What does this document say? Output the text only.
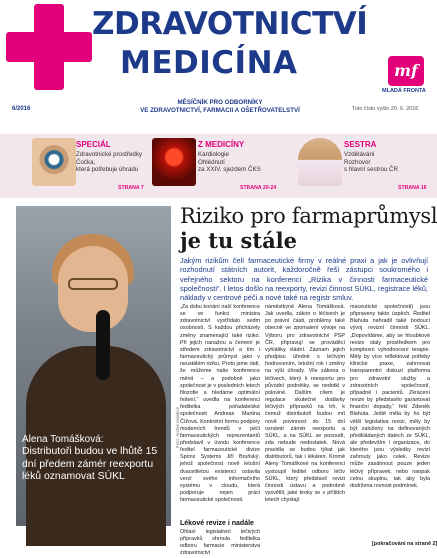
ZDRAVOTNICTVÍ
MEDICÍNA	mf
MLADÁ FRONTA
6/2016
MĚSÍČNÍK PRO ODBORNÍKY
VE ZDRAVOTNICTVÍ, FARMACII A OŠETŘOVATELSTVÍ	Toto číslo vyšlo 20. 6. 2016
SPECIÁL
Zdravotnické prostředky
Čočka,
která potřebuje úhradu
STRANA 7
Z MEDICÍNY
Kardiologie
Ohlédnutí
za XXIV. sjezdem ČKS
STRANA 20-24
SESTRA
Vzdělávání
Rozhovor
s hlavní sestrou ČR
STRANA 16
Alena Tomášková:
Distributoři budou ve lhůtě 15 dní předem zámér reexportu léků oznamovat SÚKL
Foto: Archiv redakce
Riziko pro farmaprůmysl
je tu stále
Jakým rizikům čelí farmaceutické firmy v reálné praxi a jak je ovlivňují rozhodnutí státních autorit, každoročně řeší zástupci soukromého i veřejného sektoru na konferenci „Rizika v činnosti farmaceutické společnosti“. I letos došlo na reexporty, revizi činnost SÚKL, registrace léků, náklady v centrové péči a nové také na registr smluv.
„Za dobu konání naší konference se ve funkci ministra zdravotnictví vystřídalo sedm osobností. S každou přicházely změny znamenající také riziko. Při jejich nanažou a čemení je středem zdravotnictví a tím i farmaceutický průmysl jako v neustálém riziku. Proto jsme rádi, že můžeme naše konference měnit – a podobně jako společnost je v posledních letech filozofie a hledáme optimální řešení,“ uvedla na konferenci ředitelka pořadatelské společnosti Andreas Martina Čížová. Konkrétní formu podpory moderních trendů v péči farmaceutických reprezentantů představil v úvodu konference ředitel farmaceutické divize Sprinx Systems Jiří Bruňský, jehož společnost nově letošní dvacetiletou existenci oslavila verzí svého informačního systému v cloudu, která podporuje nejen práci farmaceutické společnosti.
Lékové revize i nadále
Ohlasí legislativní léčivých přípravků shrnula ředitelka odboru farmacie ministerstva zdravotnictví
náměstkyně Alena Tomášková. Jak uvedla, zákon o léčivech je po právní části, problémy také obecně ve zpomalení vývoje na Výboru pro zdravotnictví PSP ČR, připravují se prováděcí vyhlášky vládní. Záznam jejich předpisu úředně s léčivým hodnocením, letošní rok i změny na výši úhrady. Vliv zákona o léčivech, který k reexportu pro původní podnětky, se nedotkl v polovině. Dalším cílem je regulace skutečné dodávky léčivých přípravků na trh, k čemuž distributoři budou mít nově povinnost do 15 dní oznámit záměr reexportu a SÚKL, a na SÚKL se posoudí, zda nebude nedostatek. Nová pravidla se budou týkat jak distributorů, tak i lékáren. Kromě Aleny Tomáškové na konferenci vystoupil ředitel odboru léčiv SÚKL, který představil revizi činnosti ústavu a podrobně vysvětlil, jaké kroky se v příštích letech chystají.
maceutické společnosti) jsou připraveny takto úspěch. Ředitel Blahuta nahradil také bodoucí vývoj revizní činnosti SÚKL. „Dopovídáme, aby se hloubkové revize staly prostředkem pro komplexní vyhodnocení terapie. Měly by více reflektovat potřeby klinické praxe, zahrnovat transparentní diskuzi platforma pro zdravotní služby a zdravotních společností, případně i pacientů. Zkrácení revize by představilo garantovat finanční dopady,“ řekl Zdeněk Blahuta. Ještě měla by ho být větší legislativa revizi, měly by být založeny na definovaných předkládaných datech ze SÚKL, ale především i organizace, do kterého jsou výsledky revizí zahrnuty jako celek. Revize může zasáhnout pouze jeden léčivý přípravek, nebo naopak celou skupinu, tak aby byla dodržena rovnost podmínek.
[pokračování na straně 2]
